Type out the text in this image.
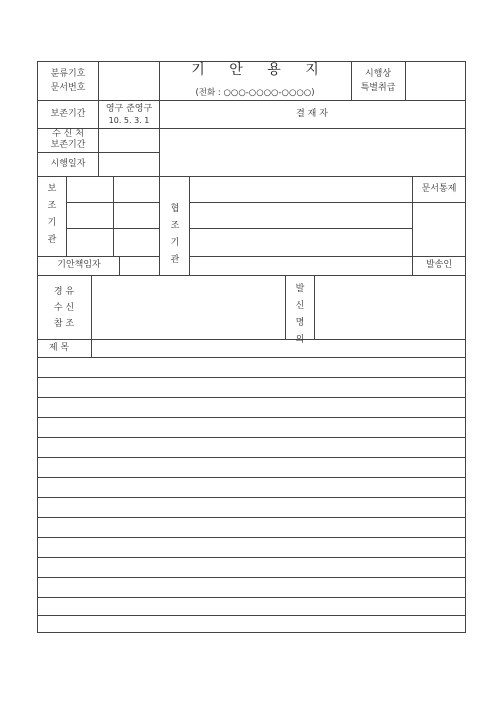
분류기호
문서번호
기 안 용 지
(전화 : ○○○-○○○○-○○○○)
시행상
특별취급
보존기간 영구 준영구
10. 5. 3. 1
결 재 자
수 신 처
보존기간
시행일자
보 조 기 관
협 조 기 관
문서통제
기안책임자	발송인
경 유
수 신
참 조
발 신 명 의
제 목
